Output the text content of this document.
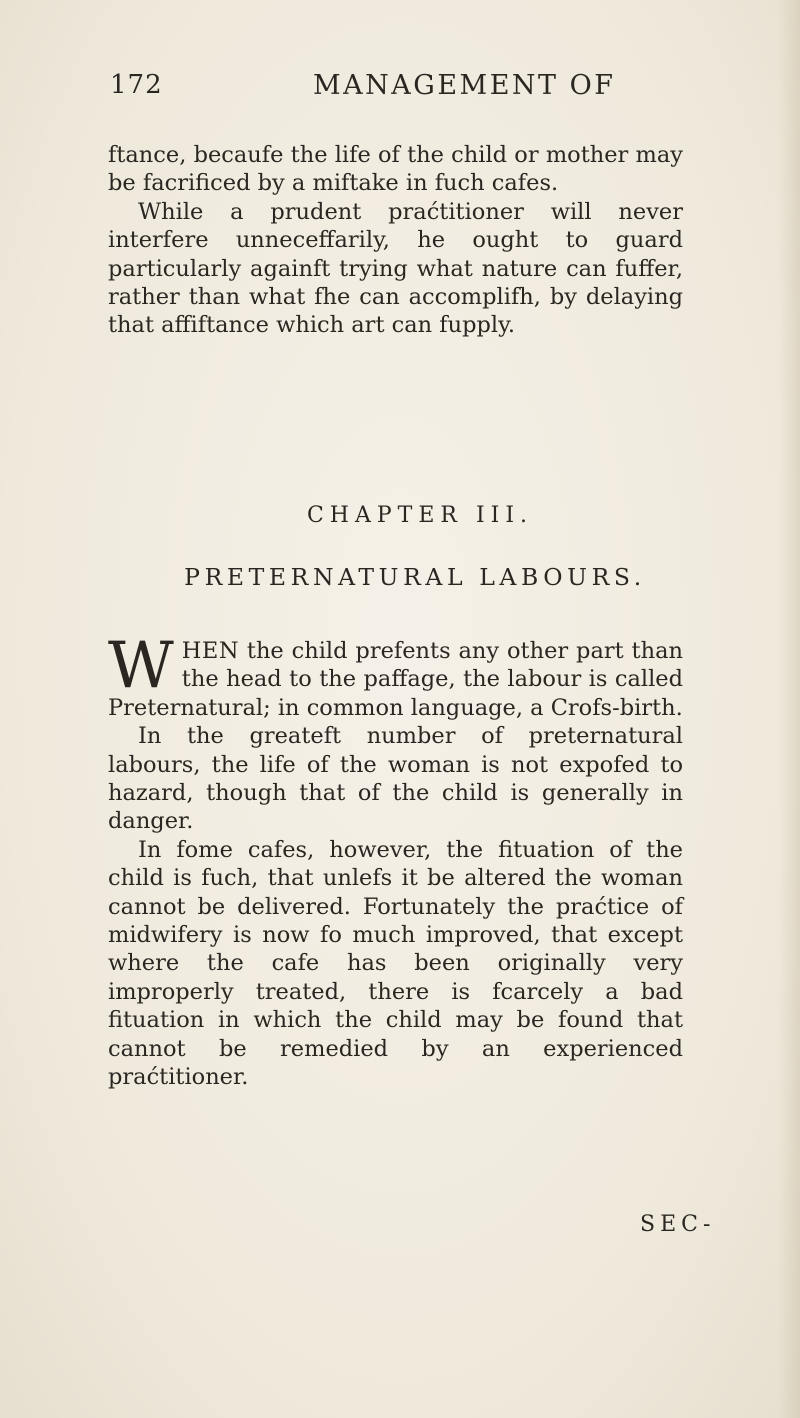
172	MANAGEMENT OF

ftance, becaufe the life of the child or mother may be facrificed by a miftake in fuch cafes.

While a prudent praćtitioner will never interfere unneceffarily, he ought to guard particularly againft trying what nature can fuffer, rather than what fhe can accomplifh, by delaying that affiftance which art can fupply.

CHAPTER III.
PRETERNATURAL LABOURS.

WHEN the child prefents any other part than the head to the paffage, the labour is called Preternatural; in common language, a Crofs-birth.

In the greateft number of preternatural labours, the life of the woman is not expofed to hazard, though that of the child is generally in danger.

In fome cafes, however, the fituation of the child is fuch, that unlefs it be altered the woman cannot be delivered. Fortunately the praćtice of midwifery is now fo much improved, that except where the cafe has been originally very improperly treated, there is fcarcely a bad fituation in which the child may be found that cannot be remedied by an experienced praćtitioner.

SEC-
